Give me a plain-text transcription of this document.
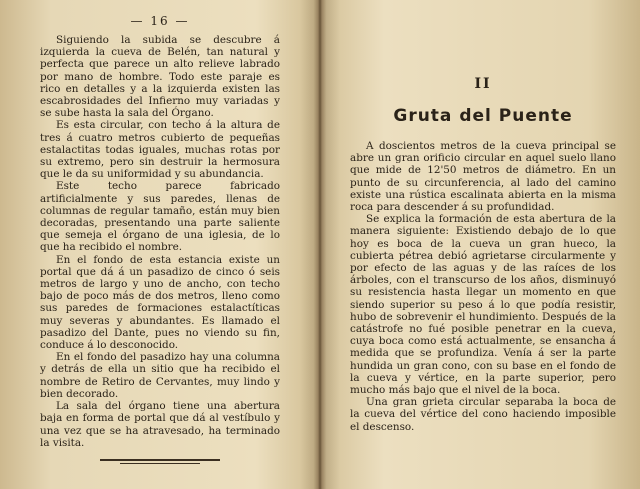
— 16 —

Siguiendo la subida se descubre á izquierda la cueva de Belén, tan natural y perfecta que parece un alto relieve labrado por mano de hombre. Todo este paraje es rico en detalles y a la izquierda existen las escabrosidades del Infierno muy variadas y se sube hasta la sala del Órgano.

Es esta circular, con techo á la altura de tres á cuatro metros cubierto de pequeñas estalactitas todas iguales, muchas rotas por su extremo, pero sin destruir la hermosura que le da su uniformidad y su abundancia.

Este techo parece fabricado artificialmente y sus paredes, llenas de columnas de regular tamaño, están muy bien decoradas, presentando una parte saliente que semeja el órgano de una iglesia, de lo que ha recibido el nombre.

En el fondo de esta estancia existe un portal que dá á un pasadizo de cinco ó seis metros de largo y uno de ancho, con techo bajo de poco más de dos metros, lleno como sus paredes de formaciones estalactíticas muy severas y abundantes. Es llamado el pasadizo del Dante, pues no viendo su fin, conduce á lo desconocido.

En el fondo del pasadizo hay una columna y detrás de ella un sitio que ha recibido el nombre de Retiro de Cervantes, muy lindo y bien decorado.

La sala del órgano tiene una abertura baja en forma de portal que dá al vestíbulo y una vez que se ha atravesado, ha terminado la visita.

II
Gruta del Puente

A doscientos metros de la cueva principal se abre un gran orificio circular en aquel suelo llano que mide de 12'50 metros de diámetro. En un punto de su circunferencia, al lado del camino existe una rústica escalinata abierta en la misma roca para descender á su profundidad.

Se explica la formación de esta abertura de la manera siguiente: Existiendo debajo de lo que hoy es boca de la cueva un gran hueco, la cubierta pétrea debió agrietarse circularmente y por efecto de las aguas y de las raíces de los árboles, con el transcurso de los años, disminuyó su resistencia hasta llegar un momento en que siendo superior su peso á lo que podía resistir, hubo de sobrevenir el hundimiento. Después de la catástrofe no fué posible penetrar en la cueva, cuya boca como está actualmente, se ensancha á medida que se profundiza. Venía á ser la parte hundida un gran cono, con su base en el fondo de la cueva y vértice, en la parte superior, pero mucho más bajo que el nivel de la boca.

Una gran grieta circular separaba la boca de la cueva del vértice del cono haciendo imposible el descenso.
